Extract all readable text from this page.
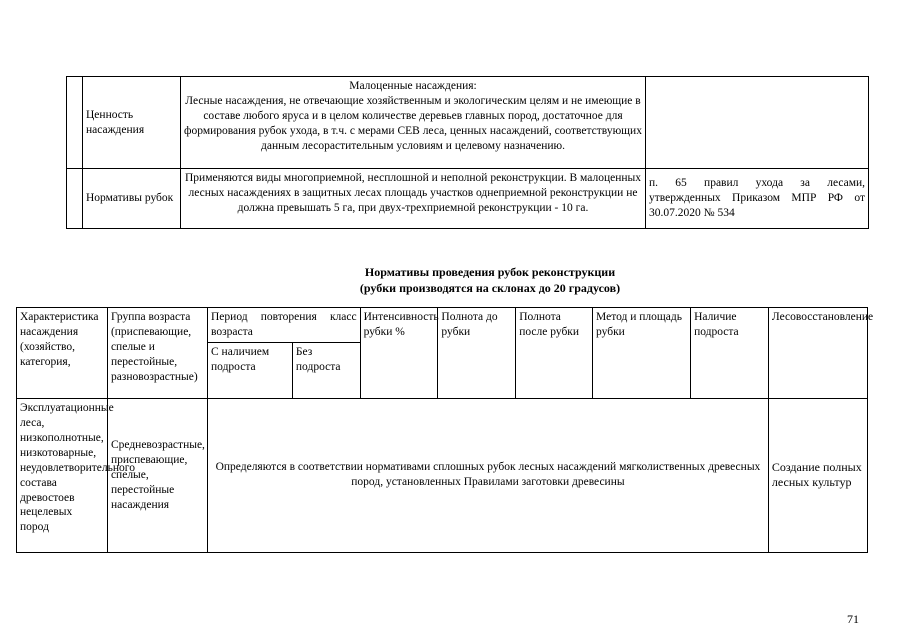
	Ценность насаждения	Малоценные насаждения:
Лесные насаждения, не отвечающие хозяйственным и экологическим целям и не имеющие в составе любого яруса и в целом количестве деревьев главных пород, достаточное для формирования рубок ухода, в т.ч. с мерами СЕВ леса, ценных насаждений, соответствующих данным лесорастительным условиям и целевому назначению.	

	Нормативы рубок	Применяются виды многоприемной, несплошной и неполной реконструкции. В малоценных лесных насаждениях в защитных лесах площадь участков однеприемной реконструкции не должна превышать 5 га, при двух-трехприемной реконструкции - 10 га.	п. 65 правил ухода за лесами, утвержденных Приказом МПР РФ от 30.07.2020 № 534
Нормативы проведения рубок реконструкции
(рубки производятся на склонах до 20 градусов)
Характеристика насаждения (хозяйство, категория,	Группа возраста (приспевающие, спелые и перестойные, разновозрастные)	Период повторения класс возраста		Интенсивность рубки %	Полнота до рубки	Полнота после рубки	Метод и площадь рубки	Наличие подроста	Лесовосстановление
		С наличием подроста	Без подроста						
Эксплуатационные леса, низкополнотные, низкотоварные, неудовлетворительного состава древостоев нецелевых пород	Средневозрастные, приспевающие, спелые, перестойные насаждения	Определяются в соответствии нормативами сплошных рубок лесных насаждений мягколиственных древесных пород, установленных Правилами заготовки древесины							Создание полных лесных культур
71
